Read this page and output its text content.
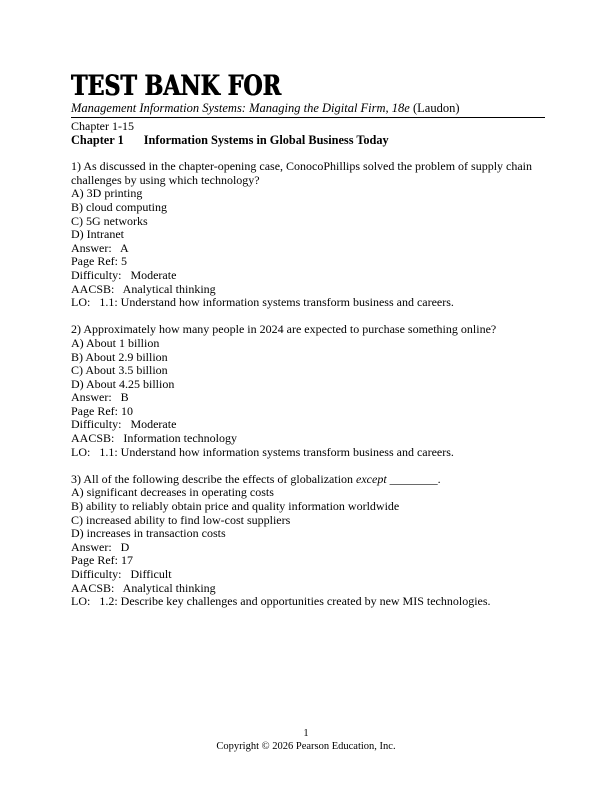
TEST BANK FOR
Management Information Systems: Managing the Digital Firm, 18e (Laudon)
Chapter 1-15
Chapter 1 Information Systems in Global Business Today
1) As discussed in the chapter-opening case, ConocoPhillips solved the problem of supply chain
challenges by using which technology?
A) 3D printing
B) cloud computing
C) 5G networks
D) Intranet
Answer:   A
Page Ref: 5
Difficulty:   Moderate
AACSB:   Analytical thinking
LO:   1.1: Understand how information systems transform business and careers.
2) Approximately how many people in 2024 are expected to purchase something online?
A) About 1 billion
B) About 2.9 billion
C) About 3.5 billion
D) About 4.25 billion
Answer:   B
Page Ref: 10
Difficulty:   Moderate
AACSB:   Information technology
LO:   1.1: Understand how information systems transform business and careers.
3) All of the following describe the effects of globalization except ________.
A) significant decreases in operating costs
B) ability to reliably obtain price and quality information worldwide
C) increased ability to find low-cost suppliers
D) increases in transaction costs
Answer:   D
Page Ref: 17
Difficulty:   Difficult
AACSB:   Analytical thinking
LO:   1.2: Describe key challenges and opportunities created by new MIS technologies.
1
Copyright © 2026 Pearson Education, Inc.
